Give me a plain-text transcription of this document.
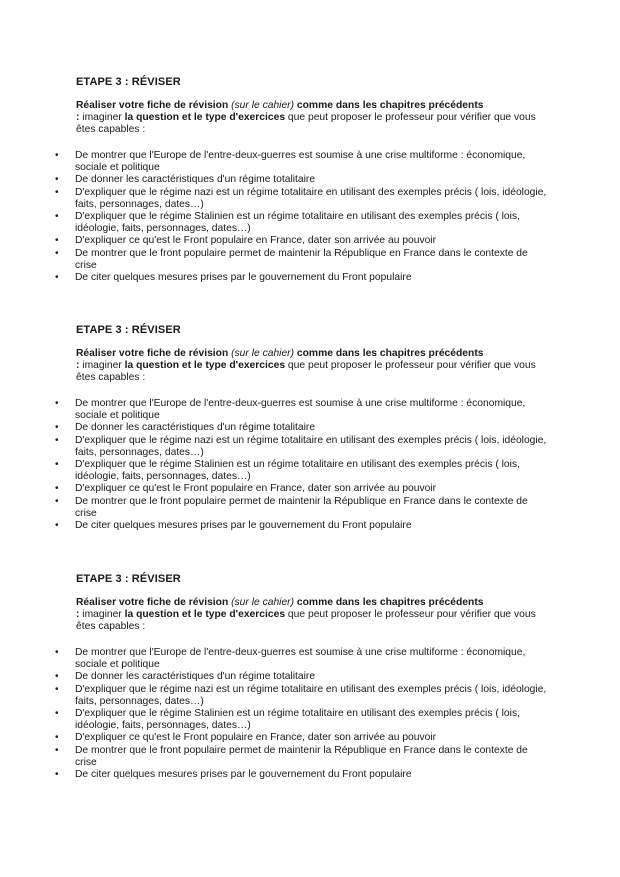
ETAPE 3 : RÉVISER
Réaliser votre fiche de révision (sur le cahier) comme dans les chapitres précédents
: imaginer la question et le type d'exercices que peut proposer le professeur pour vérifier que vous êtes capables :
• De montrer que l'Europe de l'entre-deux-guerres est soumise à une crise multiforme : économique, sociale et politique
• De donner les caractéristiques d'un régime totalitaire
• D'expliquer que le régime nazi est un régime totalitaire en utilisant des exemples précis ( lois, idéologie, faits, personnages, dates…)
• D'expliquer que le régime Stalinien est un régime totalitaire en utilisant des exemples précis ( lois, idéologie, faits, personnages, dates…)
• D'expliquer ce qu'est le Front populaire en France, dater son arrivée au pouvoir
• De montrer que le front populaire permet de maintenir la République en France dans le contexte de crise
• De citer quelques mesures prises par le gouvernement du Front populaire
ETAPE 3 : RÉVISER
Réaliser votre fiche de révision (sur le cahier) comme dans les chapitres précédents
: imaginer la question et le type d'exercices que peut proposer le professeur pour vérifier que vous êtes capables :
• De montrer que l'Europe de l'entre-deux-guerres est soumise à une crise multiforme : économique, sociale et politique
• De donner les caractéristiques d'un régime totalitaire
• D'expliquer que le régime nazi est un régime totalitaire en utilisant des exemples précis ( lois, idéologie, faits, personnages, dates…)
• D'expliquer que le régime Stalinien est un régime totalitaire en utilisant des exemples précis ( lois, idéologie, faits, personnages, dates…)
• D'expliquer ce qu'est le Front populaire en France, dater son arrivée au pouvoir
• De montrer que le front populaire permet de maintenir la République en France dans le contexte de crise
• De citer quelques mesures prises par le gouvernement du Front populaire
ETAPE 3 : RÉVISER
Réaliser votre fiche de révision (sur le cahier) comme dans les chapitres précédents
: imaginer la question et le type d'exercices que peut proposer le professeur pour vérifier que vous êtes capables :
• De montrer que l'Europe de l'entre-deux-guerres est soumise à une crise multiforme : économique, sociale et politique
• De donner les caractéristiques d'un régime totalitaire
• D'expliquer que le régime nazi est un régime totalitaire en utilisant des exemples précis ( lois, idéologie, faits, personnages, dates…)
• D'expliquer que le régime Stalinien est un régime totalitaire en utilisant des exemples précis ( lois, idéologie, faits, personnages, dates…)
• D'expliquer ce qu'est le Front populaire en France, dater son arrivée au pouvoir
• De montrer que le front populaire permet de maintenir la République en France dans le contexte de crise
• De citer quelques mesures prises par le gouvernement du Front populaire
